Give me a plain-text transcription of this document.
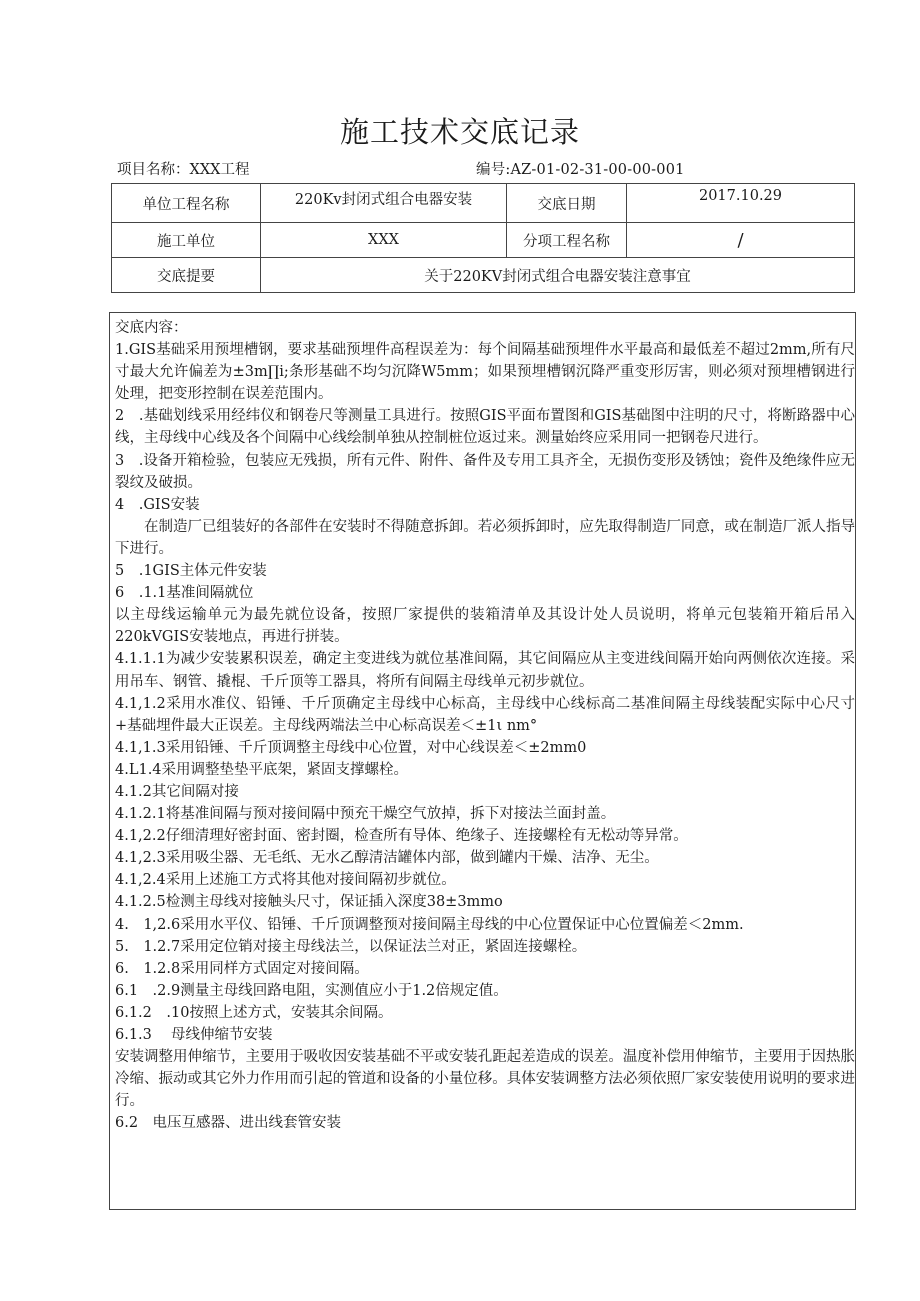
施工技术交底记录
项目名称：XXX工程	编号:AZ-01-02-31-00-00-001
单位工程名称	220Kv封闭式组合电器安装	交底日期	2017.10.29
施工单位	XXX	分项工程名称	/
交底提要	关于220KV封闭式组合电器安装注意事宜		

交底内容：

1.GIS基础采用预埋槽钢，要求基础预埋件高程误差为：每个间隔基础预埋件水平最高和最低差不超过2mm,所有尺寸最大允许偏差为±3m∏i;条形基础不均匀沉降W5mm；如果预埋槽钢沉降严重变形厉害，则必须对预埋槽钢进行处理，把变形控制在误差范围内。

2　.基础划线采用经纬仪和钢卷尺等测量工具进行。按照GIS平面布置图和GIS基础图中注明的尺寸，将断路器中心线，主母线中心线及各个间隔中心线绘制单独从控制桩位返过来。测量始终应采用同一把钢卷尺进行。

3　.设备开箱检验，包装应无残损，所有元件、附件、备件及专用工具齐全，无损伤变形及锈蚀；瓷件及绝缘件应无裂纹及破损。

4　.GIS安装

在制造厂已组装好的各部件在安装时不得随意拆卸。若必须拆卸时，应先取得制造厂同意，或在制造厂派人指导下进行。

5　.1GIS主体元件安装

6　.1.1基准间隔就位

以主母线运输单元为最先就位设备，按照厂家提供的装箱清单及其设计处人员说明，将单元包装箱开箱后吊入220kVGIS安装地点，再进行拼装。

4.1.1.1为减少安装累积误差，确定主变进线为就位基准间隔，其它间隔应从主变进线间隔开始向两侧依次连接。采用吊车、钢管、撬棍、千斤顶等工器具，将所有间隔主母线单元初步就位。

4.1,1.2采用水准仪、铅锤、千斤顶确定主母线中心标高，主母线中心线标高二基准间隔主母线装配实际中心尺寸+基础埋件最大正误差。主母线两端法兰中心标高误差＜±1ι nm°

4.1,1.3采用铅锤、千斤顶调整主母线中心位置，对中心线误差＜±2mm0

4.L1.4采用调整垫垫平底架，紧固支撑螺栓。

4.1.2其它间隔对接

4.1.2.1将基准间隔与预对接间隔中预充干燥空气放掉，拆下对接法兰面封盖。

4.1,2.2仔细清理好密封面、密封圈，检查所有导体、绝缘子、连接螺栓有无松动等异常。

4.1,2.3采用吸尘器、无毛纸、无水乙醇清洁罐体内部，做到罐内干燥、洁净、无尘。

4.1,2.4采用上述施工方式将其他对接间隔初步就位。

4.1.2.5检测主母线对接触头尺寸，保证插入深度38±3mmo

4.　1,2.6采用水平仪、铅锤、千斤顶调整预对接间隔主母线的中心位置保证中心位置偏差＜2mm.

5.　1.2.7采用定位销对接主母线法兰，以保证法兰对正，紧固连接螺栓。

6.　1.2.8采用同样方式固定对接间隔。

6.1　.2.9测量主母线回路电阻，实测值应小于1.2倍规定值。

6.1.2　.10按照上述方式，安装其余间隔。

6.1.3　 母线伸缩节安装

安装调整用伸缩节，主要用于吸收因安装基础不平或安装孔距起差造成的误差。温度补偿用伸缩节，主要用于因热胀冷缩、振动或其它外力作用而引起的管道和设备的小量位移。具体安装调整方法必须依照厂家安装使用说明的要求进行。

6.2　电压互感器、进出线套管安装
